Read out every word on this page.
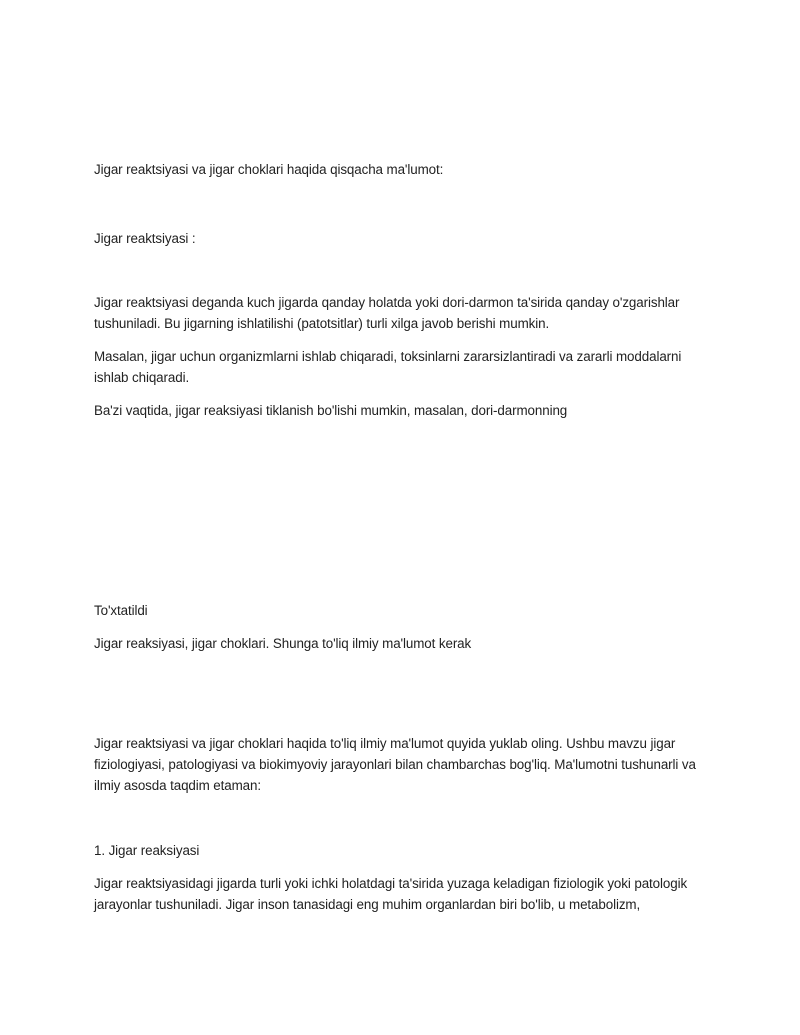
Jigar reaktsiyasi va jigar choklari haqida qisqacha ma'lumot:

Jigar reaktsiyasi :

Jigar reaktsiyasi deganda kuch jigarda qanday holatda yoki dori-darmon ta'sirida qanday o'zgarishlar tushuniladi. Bu jigarning ishlatilishi (patotsitlar) turli xilga javob berishi mumkin.

Masalan, jigar uchun organizmlarni ishlab chiqaradi, toksinlarni zararsizlantiradi va zararli moddalarni ishlab chiqaradi.

Ba'zi vaqtida, jigar reaksiyasi tiklanish bo'lishi mumkin, masalan, dori-darmonning

To'xtatildi

Jigar reaksiyasi, jigar choklari. Shunga to'liq ilmiy ma'lumot kerak

Jigar reaktsiyasi va jigar choklari haqida to'liq ilmiy ma'lumot quyida yuklab oling. Ushbu mavzu jigar fiziologiyasi, patologiyasi va biokimyoviy jarayonlari bilan chambarchas bog'liq. Ma'lumotni tushunarli va ilmiy asosda taqdim etaman:

1. Jigar reaksiyasi

Jigar reaktsiyasidagi jigarda turli yoki ichki holatdagi ta'sirida yuzaga keladigan fiziologik yoki patologik jarayonlar tushuniladi. Jigar inson tanasidagi eng muhim organlardan biri bo'lib, u metabolizm,
